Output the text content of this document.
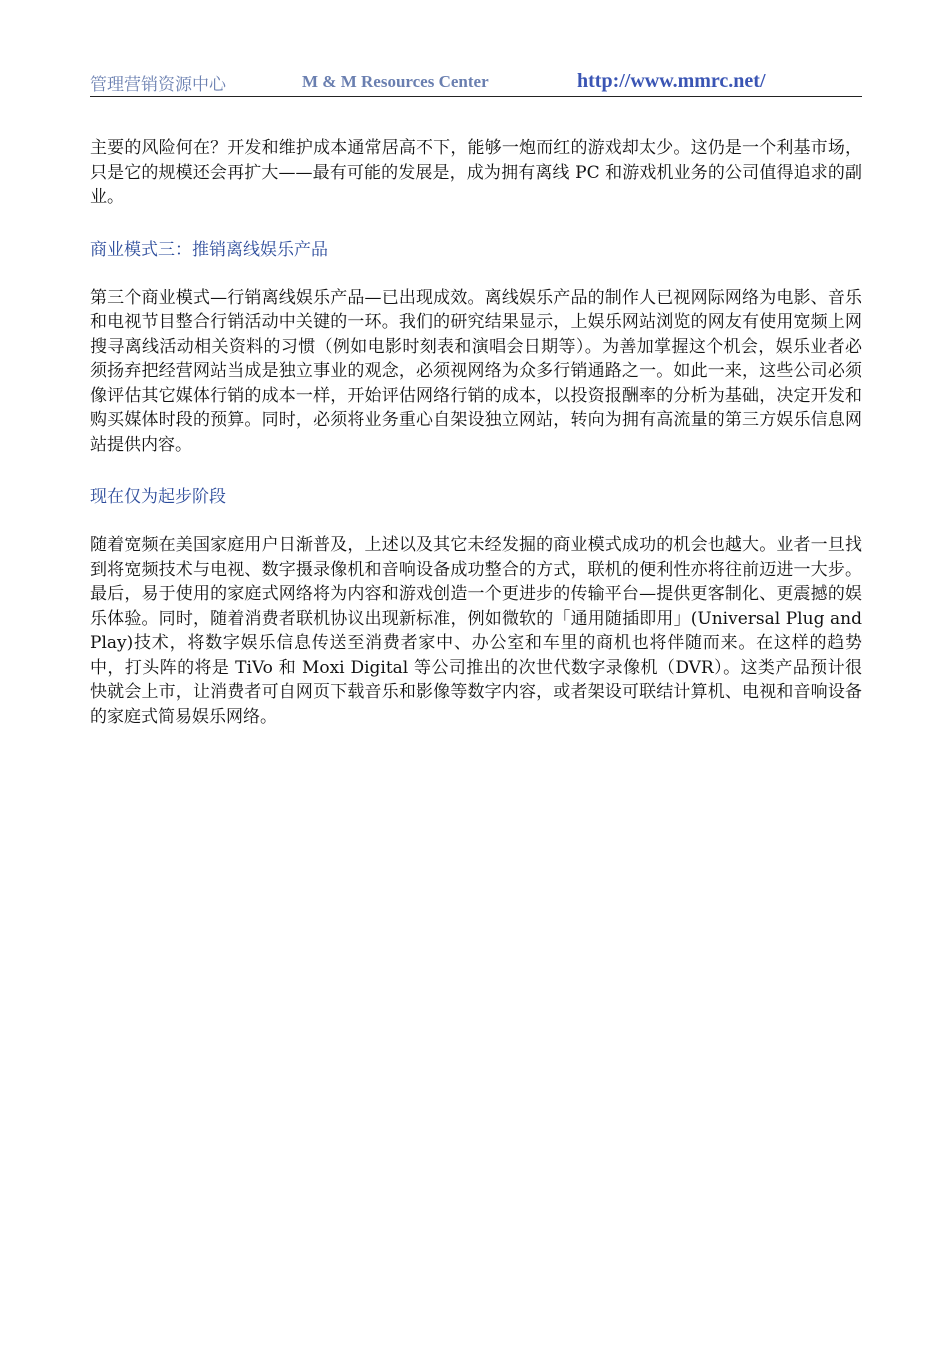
管理营销资源中心	M & M Resources Center	http://www.mmrc.net/

主要的风险何在？开发和维护成本通常居高不下，能够一炮而红的游戏却太少。这仍是一个利基市场，只是它的规模还会再扩大——最有可能的发展是，成为拥有离线 PC 和游戏机业务的公司值得追求的副业。

商业模式三：推销离线娱乐产品

第三个商业模式—行销离线娱乐产品—已出现成效。离线娱乐产品的制作人已视网际网络为电影、音乐和电视节目整合行销活动中关键的一环。我们的研究结果显示，上娱乐网站浏览的网友有使用宽频上网搜寻离线活动相关资料的习惯（例如电影时刻表和演唱会日期等）。为善加掌握这个机会，娱乐业者必须扬弃把经营网站当成是独立事业的观念，必须视网络为众多行销通路之一。如此一来，这些公司必须像评估其它媒体行销的成本一样，开始评估网络行销的成本，以投资报酬率的分析为基础，决定开发和购买媒体时段的预算。同时，必须将业务重心自架设独立网站，转向为拥有高流量的第三方娱乐信息网站提供内容。

现在仅为起步阶段

随着宽频在美国家庭用户日渐普及，上述以及其它未经发掘的商业模式成功的机会也越大。业者一旦找到将宽频技术与电视、数字摄录像机和音响设备成功整合的方式，联机的便利性亦将往前迈进一大步。最后，易于使用的家庭式网络将为内容和游戏创造一个更进步的传输平台—提供更客制化、更震撼的娱乐体验。同时，随着消费者联机协议出现新标准，例如微软的「通用随插即用」(Universal Plug and Play)技术，将数字娱乐信息传送至消费者家中、办公室和车里的商机也将伴随而来。在这样的趋势中，打头阵的将是 TiVo 和 Moxi Digital 等公司推出的次世代数字录像机（DVR）。这类产品预计很快就会上市，让消费者可自网页下载音乐和影像等数字内容，或者架设可联结计算机、电视和音响设备的家庭式简易娱乐网络。
